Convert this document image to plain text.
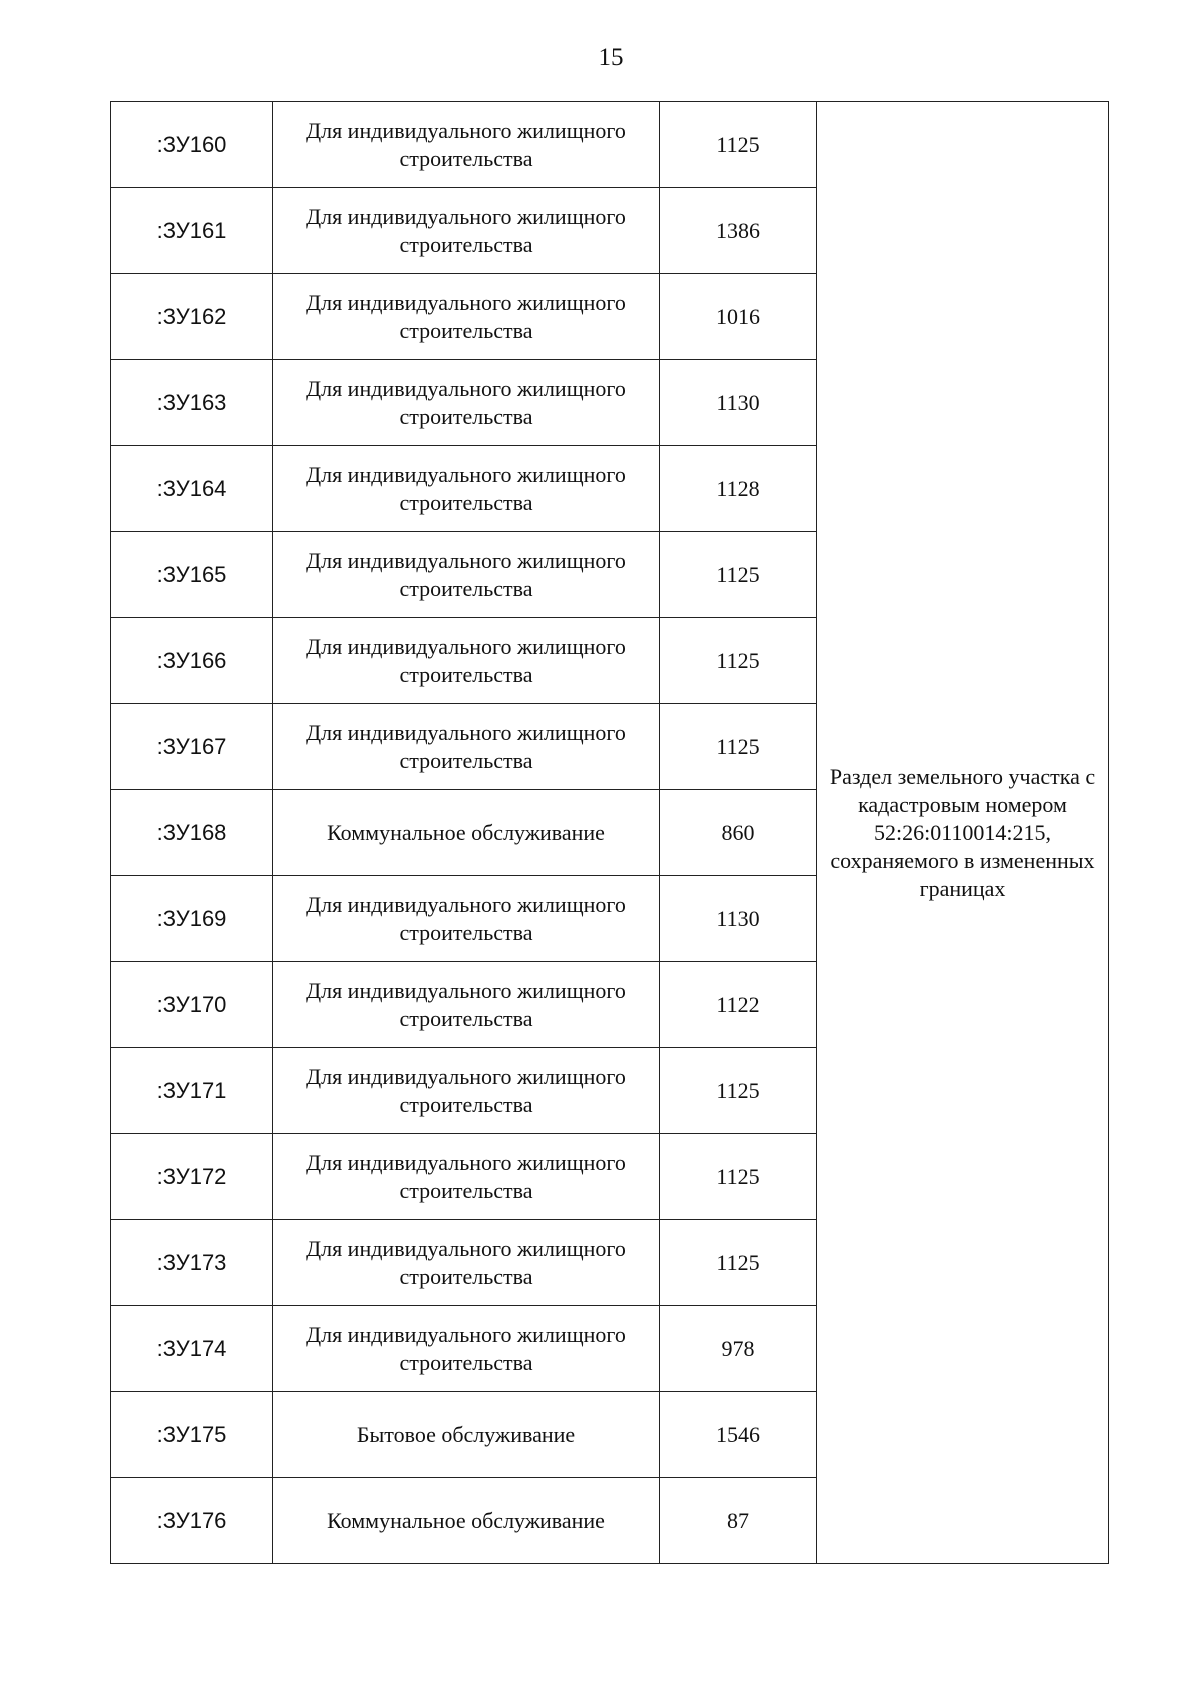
15
:ЗУ160	Для индивидуального жилищного строительства	1125	Раздел земельного участка с кадастровым номером 52:26:0110014:215, сохраняемого в измененных границах
:ЗУ161	Для индивидуального жилищного строительства	1386	
:ЗУ162	Для индивидуального жилищного строительства	1016	
:ЗУ163	Для индивидуального жилищного строительства	1130	
:ЗУ164	Для индивидуального жилищного строительства	1128	
:ЗУ165	Для индивидуального жилищного строительства	1125	
:ЗУ166	Для индивидуального жилищного строительства	1125	
:ЗУ167	Для индивидуального жилищного строительства	1125	
:ЗУ168	Коммунальное обслуживание	860	
:ЗУ169	Для индивидуального жилищного строительства	1130	
:ЗУ170	Для индивидуального жилищного строительства	1122	
:ЗУ171	Для индивидуального жилищного строительства	1125	
:ЗУ172	Для индивидуального жилищного строительства	1125	
:ЗУ173	Для индивидуального жилищного строительства	1125	
:ЗУ174	Для индивидуального жилищного строительства	978	
:ЗУ175	Бытовое обслуживание	1546	
:ЗУ176	Коммунальное обслуживание	87	
